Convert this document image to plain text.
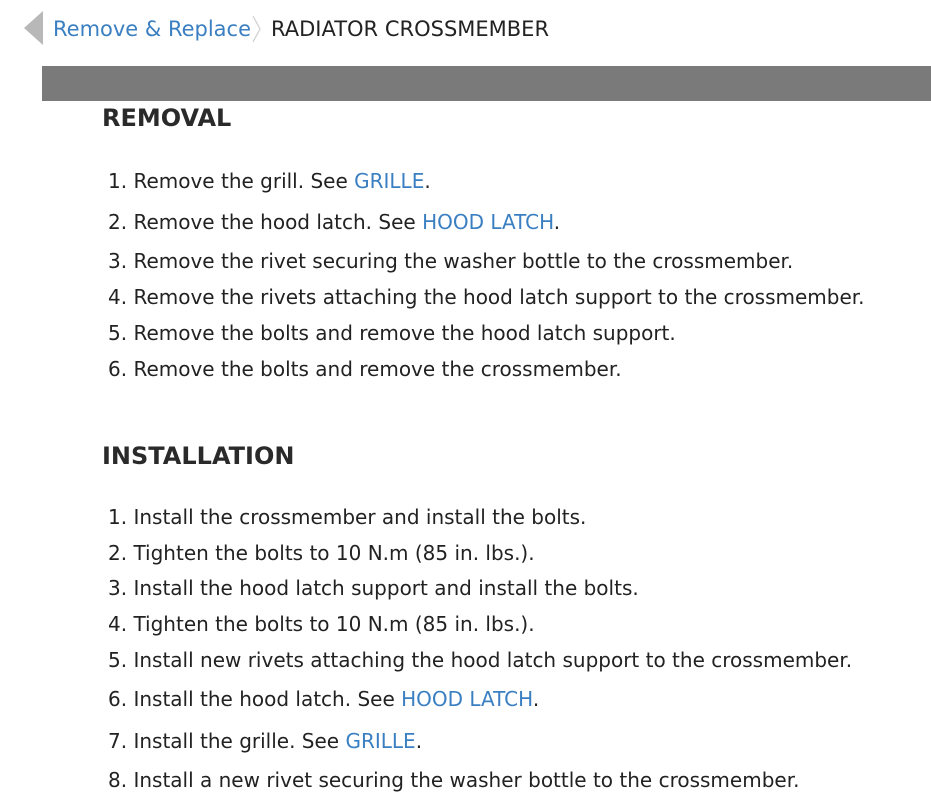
Remove & Replace RADIATOR CROSSMEMBER
REMOVAL
1. Remove the grill. See GRILLE.
2. Remove the hood latch. See HOOD LATCH.
3. Remove the rivet securing the washer bottle to the crossmember.
4. Remove the rivets attaching the hood latch support to the crossmember.
5. Remove the bolts and remove the hood latch support.
6. Remove the bolts and remove the crossmember.
INSTALLATION
1. Install the crossmember and install the bolts.
2. Tighten the bolts to 10 N.m (85 in. lbs.).
3. Install the hood latch support and install the bolts.
4. Tighten the bolts to 10 N.m (85 in. lbs.).
5. Install new rivets attaching the hood latch support to the crossmember.
6. Install the hood latch. See HOOD LATCH.
7. Install the grille. See GRILLE.
8. Install a new rivet securing the washer bottle to the crossmember.
